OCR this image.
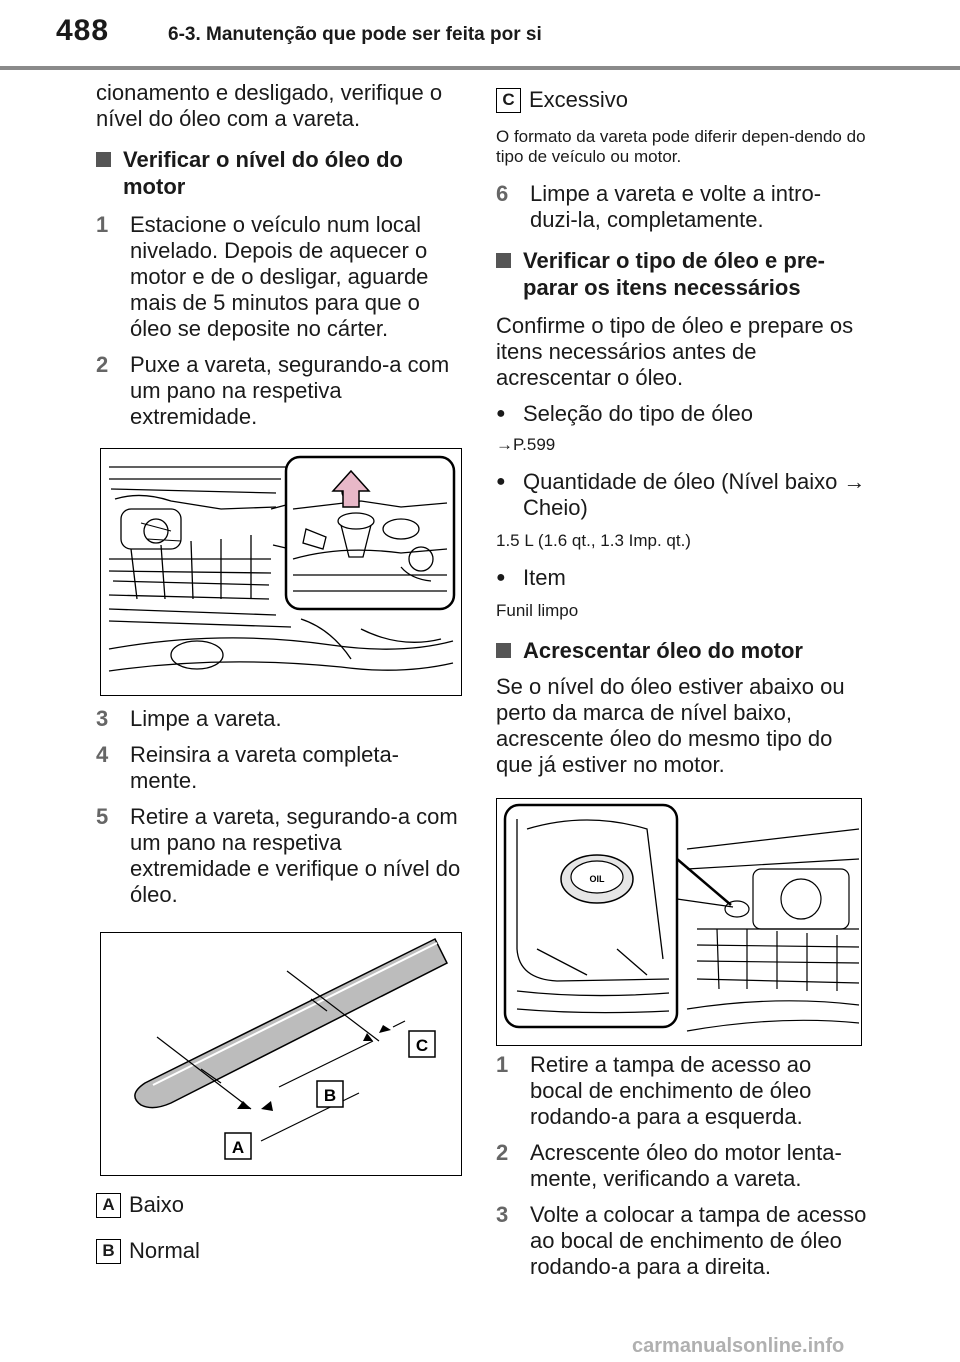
488	6-3. Manutenção que pode ser feita por si

cionamento e desligado, verifique o nível do óleo com a vareta.

Verificar o nível do óleo do motor
1 Estacione o veículo num local nivelado. Depois de aquecer o motor e de o desligar, aguarde mais de 5 minutos para que o óleo se deposite no cárter.
2 Puxe a vareta, segurando-a com um pano na respetiva extremidade.
3 Limpe a vareta.
4 Reinsira a vareta completa-mente.
5 Retire a vareta, segurando-a com um pano na respetiva extremidade e verifique o nível do óleo.
A
B
C
A Baixo
B Normal
C Excessivo

O formato da vareta pode diferir depen-dendo do tipo de veículo ou motor.

6 Limpe a vareta e volte a intro-duzi-la, completamente.
Verificar o tipo de óleo e pre-parar os itens necessários

Confirme o tipo de óleo e prepare os itens necessários antes de acrescentar o óleo.

● Seleção do tipo de óleo

→P.599

● Quantidade de óleo (Nível baixo → Cheio)

1.5 L (1.6 qt., 1.3 Imp. qt.)

● Item

Funil limpo

Acrescentar óleo do motor

Se o nível do óleo estiver abaixo ou perto da marca de nível baixo, acrescente óleo do mesmo tipo do que já estiver no motor.

OIL
1 Retire a tampa de acesso ao bocal de enchimento de óleo rodando-a para a esquerda.
2 Acrescente óleo do motor lenta-mente, verificando a vareta.
3 Volte a colocar a tampa de acesso ao bocal de enchimento de óleo rodando-a para a direita.
carmanualsonline.info
